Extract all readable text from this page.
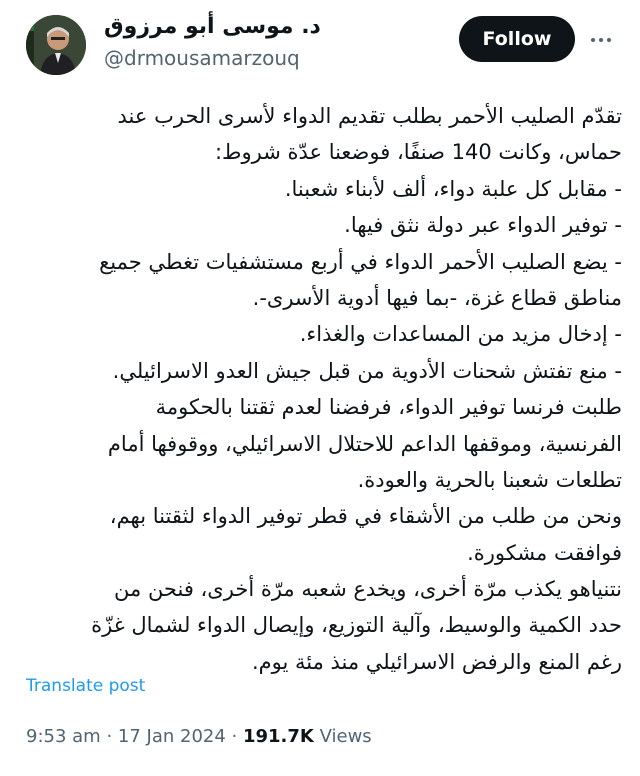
د. موسى أبو مرزوق
@drmousamarzouq
Follow
تقدّم الصليب الأحمر بطلب تقديم الدواء لأسرى الحرب عند
حماس، وكانت 140 صنفًا، فوضعنا عدّة شروط:
- مقابل كل علبة دواء، ألف لأبناء شعبنا.
- توفير الدواء عبر دولة نثق فيها.
- يضع الصليب الأحمر الدواء في أربع مستشفيات تغطي جميع
مناطق قطاع غزة، -بما فيها أدوية الأسرى-.
- إدخال مزيد من المساعدات والغذاء.
- منع تفتش شحنات الأدوية من قبل جيش العدو الاسرائيلي.
طلبت فرنسا توفير الدواء، فرفضنا لعدم ثقتنا بالحكومة
الفرنسية، وموقفها الداعم للاحتلال الاسرائيلي، ووقوفها أمام
تطلعات شعبنا بالحرية والعودة.
ونحن من طلب من الأشقاء في قطر توفير الدواء لثقتنا بهم،
فوافقت مشكورة.
نتنياهو يكذب مرّة أخرى، ويخدع شعبه مرّة أخرى، فنحن من
حدد الكمية والوسيط، وآلية التوزيع، وإيصال الدواء لشمال غزّة
رغم المنع والرفض الاسرائيلي منذ مئة يوم.
Translate post
9:53 am · 17 Jan 2024 · 191.7K Views
